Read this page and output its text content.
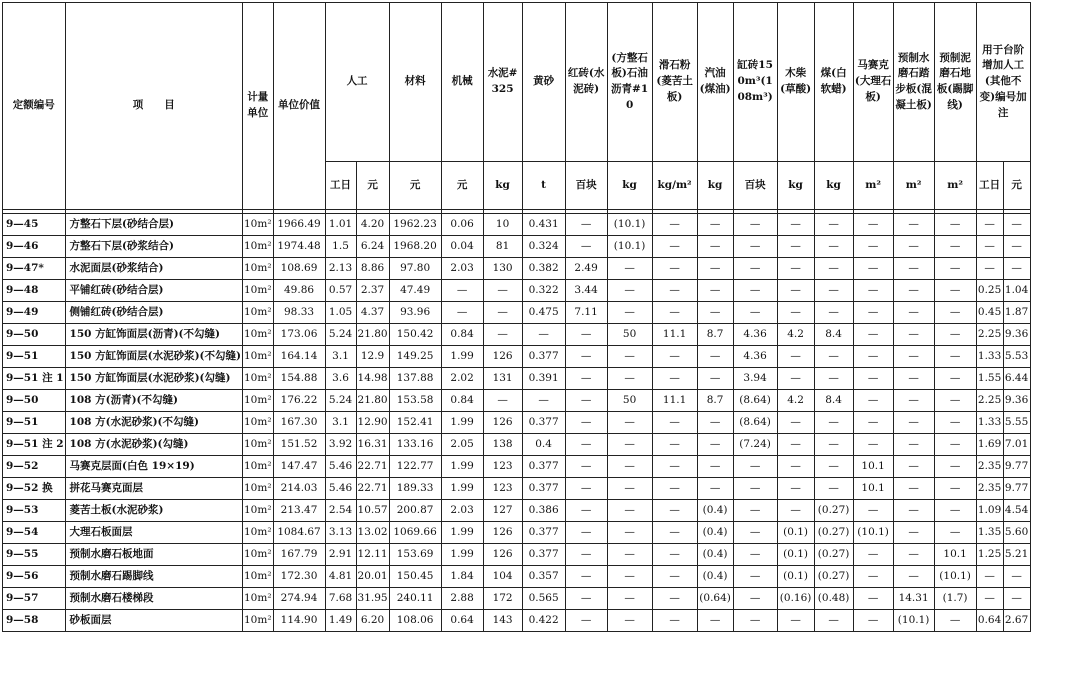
定额编号	项　　目	计量单位	单位价值	人工		材料	机械	水泥#325	黄砂	红砖(水泥砖)	(方整石板)石油沥青#10	滑石粉(菱苦土板)	汽油(煤油)	缸砖150m³(108m³)	木柴(草酸)	煤(白软蜡)	马赛克(大理石板)	预制水磨石踏步板(混凝土板)	预制泥磨石地板(踢脚线)	用于台阶增加人工(其他不变)编号加注	
				工日	元	元	元	kg	t	百块	kg	kg/m²	kg	百块	kg	kg	m²	m²	m²	工日	元

9—45	方整石下层(砂结合层)	10m²	1966.49	1.01	4.20	1962.23	0.06	10	0.431	—	(10.1)	—	—	—	—	—	—	—	—	—	—
9—46	方整石下层(砂浆结合)	10m²	1974.48	1.5	6.24	1968.20	0.04	81	0.324	—	(10.1)	—	—	—	—	—	—	—	—	—	—
9—47*	水泥面层(砂浆结合)	10m²	108.69	2.13	8.86	97.80	2.03	130	0.382	2.49	—	—	—	—	—	—	—	—	—	—	—
9—48	平铺红砖(砂结合层)	10m²	49.86	0.57	2.37	47.49	—	—	0.322	3.44	—	—	—	—	—	—	—	—	—	0.25	1.04
9—49	侧铺红砖(砂结合层)	10m²	98.33	1.05	4.37	93.96	—	—	0.475	7.11	—	—	—	—	—	—	—	—	—	0.45	1.87
9—50	150 方缸饰面层(沥青)(不勾缝)	10m²	173.06	5.24	21.80	150.42	0.84	—	—	—	50	11.1	8.7	4.36	4.2	8.4	—	—	—	2.25	9.36
9—51	150 方缸饰面层(水泥砂浆)(不勾缝)	10m²	164.14	3.1	12.9	149.25	1.99	126	0.377	—	—	—	—	4.36	—	—	—	—	—	1.33	5.53
9—51 注 1	150 方缸饰面层(水泥砂浆)(勾缝)	10m²	154.88	3.6	14.98	137.88	2.02	131	0.391	—	—	—	—	3.94	—	—	—	—	—	1.55	6.44
9—50	108 方(沥青)(不勾缝)	10m²	176.22	5.24	21.80	153.58	0.84	—	—	—	50	11.1	8.7	(8.64)	4.2	8.4	—	—	—	2.25	9.36
9—51	108 方(水泥砂浆)(不勾缝)	10m²	167.30	3.1	12.90	152.41	1.99	126	0.377	—	—	—	—	(8.64)	—	—	—	—	—	1.33	5.55
9—51 注 2	108 方(水泥砂浆)(勾缝)	10m²	151.52	3.92	16.31	133.16	2.05	138	0.4	—	—	—	—	(7.24)	—	—	—	—	—	1.69	7.01
9—52	马赛克层面(白色 19×19)	10m²	147.47	5.46	22.71	122.77	1.99	123	0.377	—	—	—	—	—	—	—	10.1	—	—	2.35	9.77
9—52 换	拼花马赛克面层	10m²	214.03	5.46	22.71	189.33	1.99	123	0.377	—	—	—	—	—	—	—	10.1	—	—	2.35	9.77
9—53	菱苦土板(水泥砂浆)	10m²	213.47	2.54	10.57	200.87	2.03	127	0.386	—	—	—	(0.4)	—	—	(0.27)	—	—	—	1.09	4.54
9—54	大理石板面层	10m²	1084.67	3.13	13.02	1069.66	1.99	126	0.377	—	—	—	(0.4)	—	(0.1)	(0.27)	(10.1)	—	—	1.35	5.60
9—55	预制水磨石板地面	10m²	167.79	2.91	12.11	153.69	1.99	126	0.377	—	—	—	(0.4)	—	(0.1)	(0.27)	—	—	10.1	1.25	5.21
9—56	预制水磨石踢脚线	10m²	172.30	4.81	20.01	150.45	1.84	104	0.357	—	—	—	(0.4)	—	(0.1)	(0.27)	—	—	(10.1)	—	—
9—57	预制水磨石楼梯段	10m²	274.94	7.68	31.95	240.11	2.88	172	0.565	—	—	—	(0.64)	—	(0.16)	(0.48)	—	14.31	(1.7)	—	—
9—58	砂板面层	10m²	114.90	1.49	6.20	108.06	0.64	143	0.422	—	—	—	—	—	—	—	—	(10.1)	—	0.64	2.67
